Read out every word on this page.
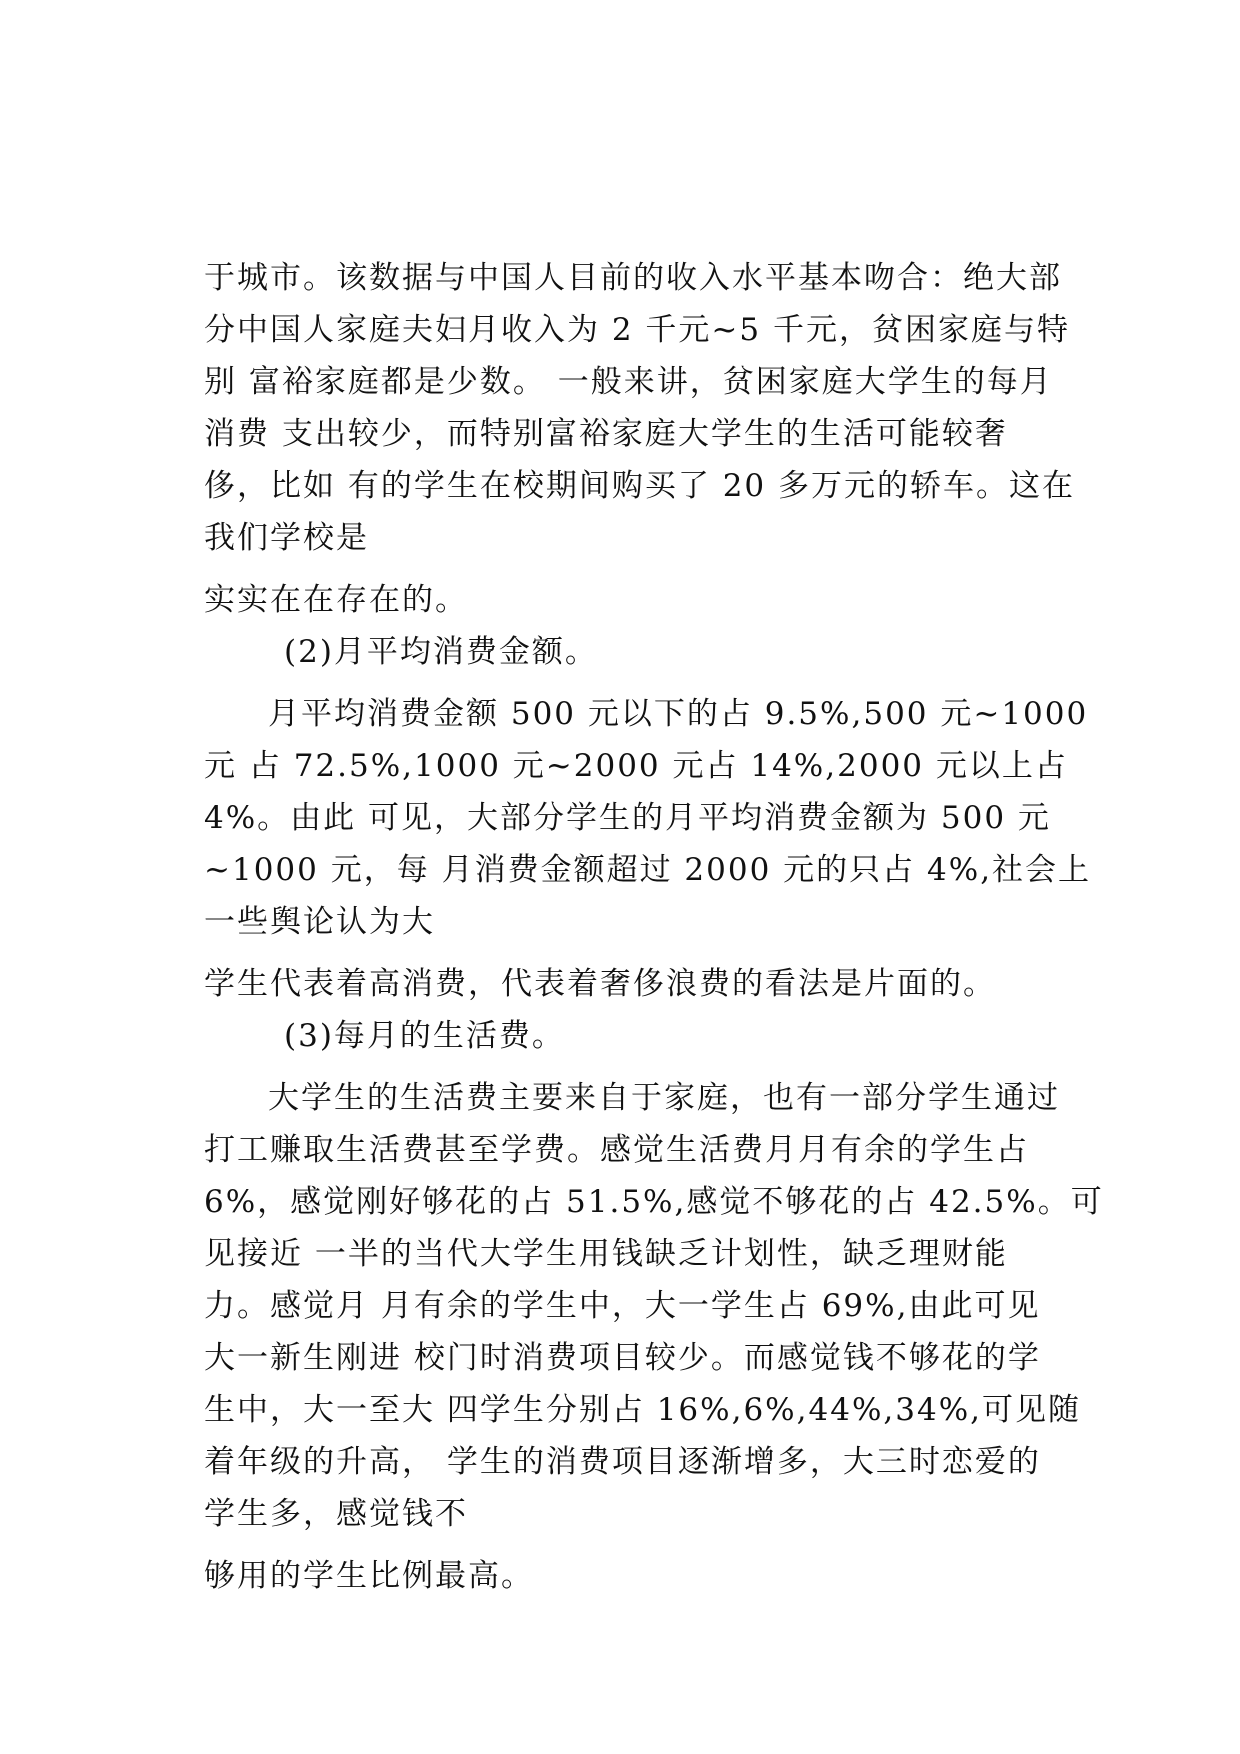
于城市。该数据与中国人目前的收入水平基本吻合：绝大部
分中国人家庭夫妇月收入为 2 千元~5 千元，贫困家庭与特
别 富裕家庭都是少数。 一般来讲，贫困家庭大学生的每月
消费 支出较少，而特别富裕家庭大学生的生活可能较奢
侈，比如 有的学生在校期间购买了 20 多万元的轿车。这在
我们学校是
实实在在存在的。
(2)月平均消费金额。
月平均消费金额 500 元以下的占 9.5%,500 元~1000
元 占 72.5%,1000 元~2000 元占 14%,2000 元以上占
4%。由此 可见，大部分学生的月平均消费金额为 500 元
~1000 元，每 月消费金额超过 2000 元的只占 4%,社会上
一些舆论认为大
学生代表着高消费，代表着奢侈浪费的看法是片面的。
(3)每月的生活费。
大学生的生活费主要来自于家庭，也有一部分学生通过
打工赚取生活费甚至学费。感觉生活费月月有余的学生占
6%，感觉刚好够花的占 51.5%,感觉不够花的占 42.5%。可
见接近 一半的当代大学生用钱缺乏计划性，缺乏理财能
力。感觉月 月有余的学生中，大一学生占 69%,由此可见
大一新生刚进 校门时消费项目较少。而感觉钱不够花的学
生中，大一至大 四学生分别占 16%,6%,44%,34%,可见随
着年级的升高， 学生的消费项目逐渐增多，大三时恋爱的
学生多，感觉钱不
够用的学生比例最高。
